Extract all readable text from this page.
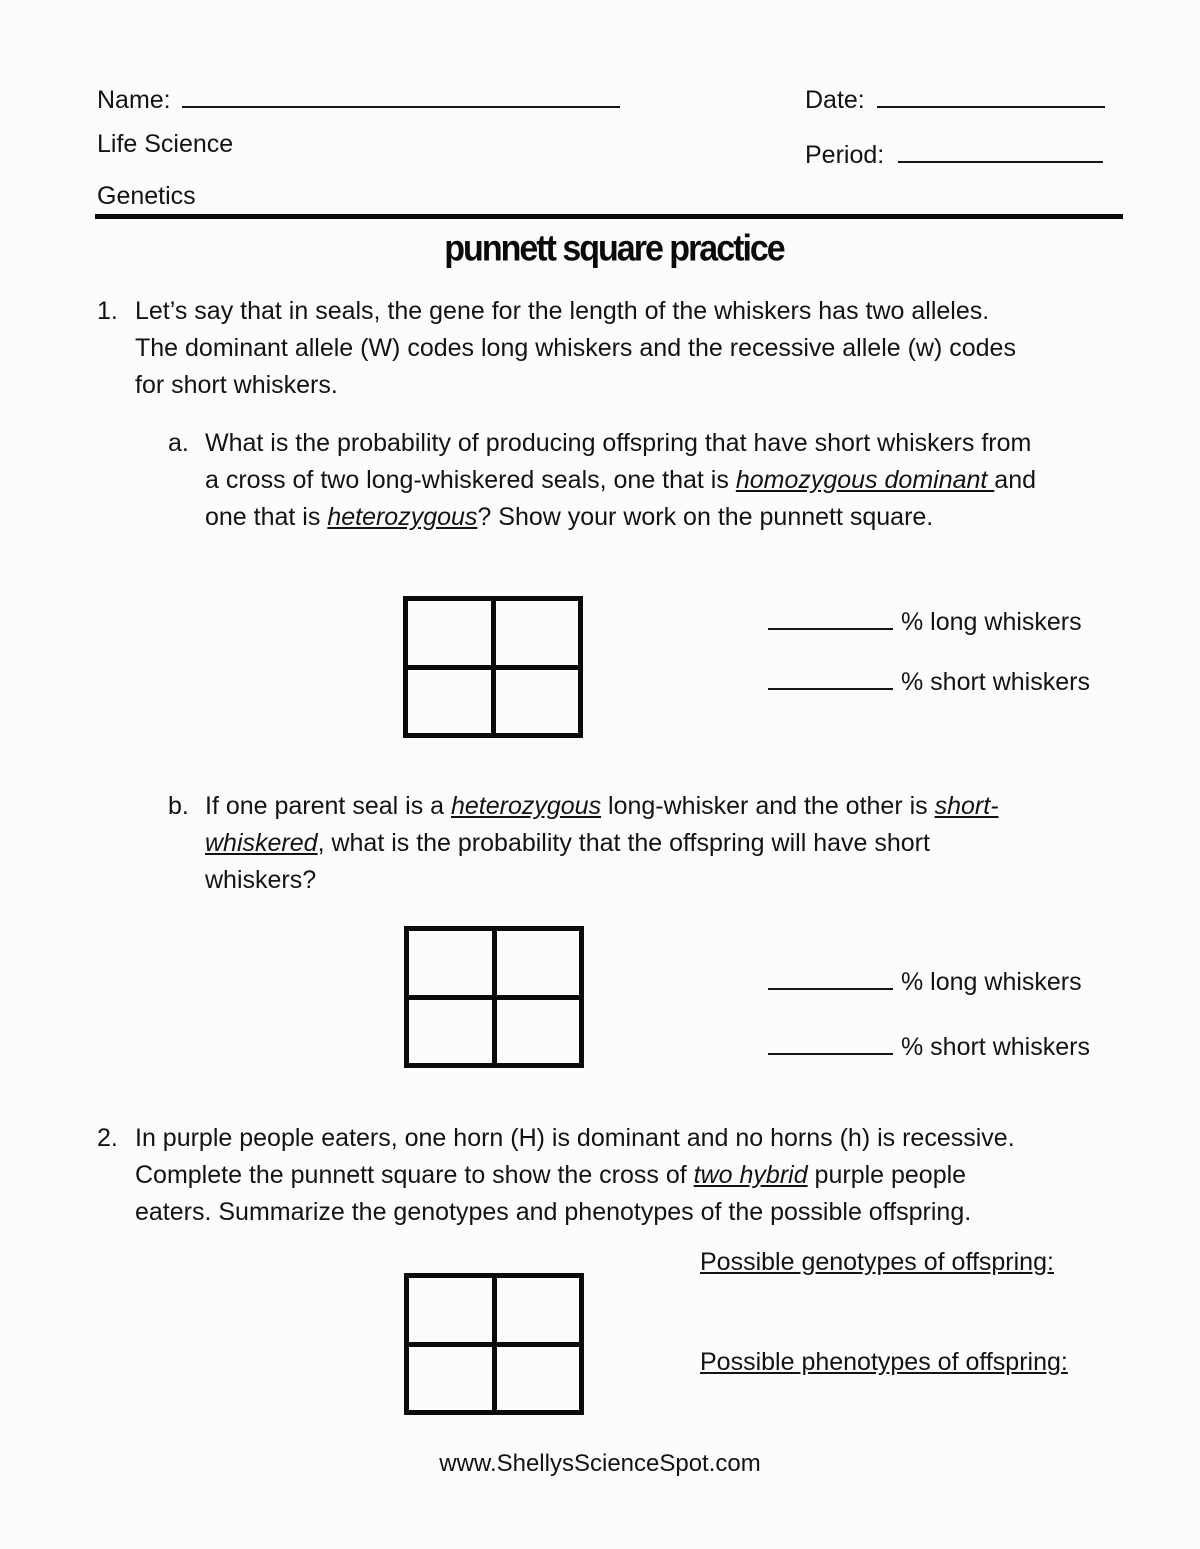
Name:	Date:
Life Science	Period:
Genetics
punnett square practice
1. Let’s say that in seals, the gene for the length of the whiskers has two alleles.
The dominant allele (W) codes long whiskers and the recessive allele (w) codes
for short whiskers.
a. What is the probability of producing offspring that have short whiskers from
a cross of two long-whiskered seals, one that is homozygous dominant and
one that is heterozygous? Show your work on the punnett square.
% long whiskers
% short whiskers
b. If one parent seal is a heterozygous long-whisker and the other is short-
whiskered, what is the probability that the offspring will have short
whiskers?
% long whiskers
% short whiskers
2. In purple people eaters, one horn (H) is dominant and no horns (h) is recessive.
Complete the punnett square to show the cross of two hybrid purple people
eaters. Summarize the genotypes and phenotypes of the possible offspring.
Possible genotypes of offspring:
Possible phenotypes of offspring:
www.ShellysScienceSpot.com
